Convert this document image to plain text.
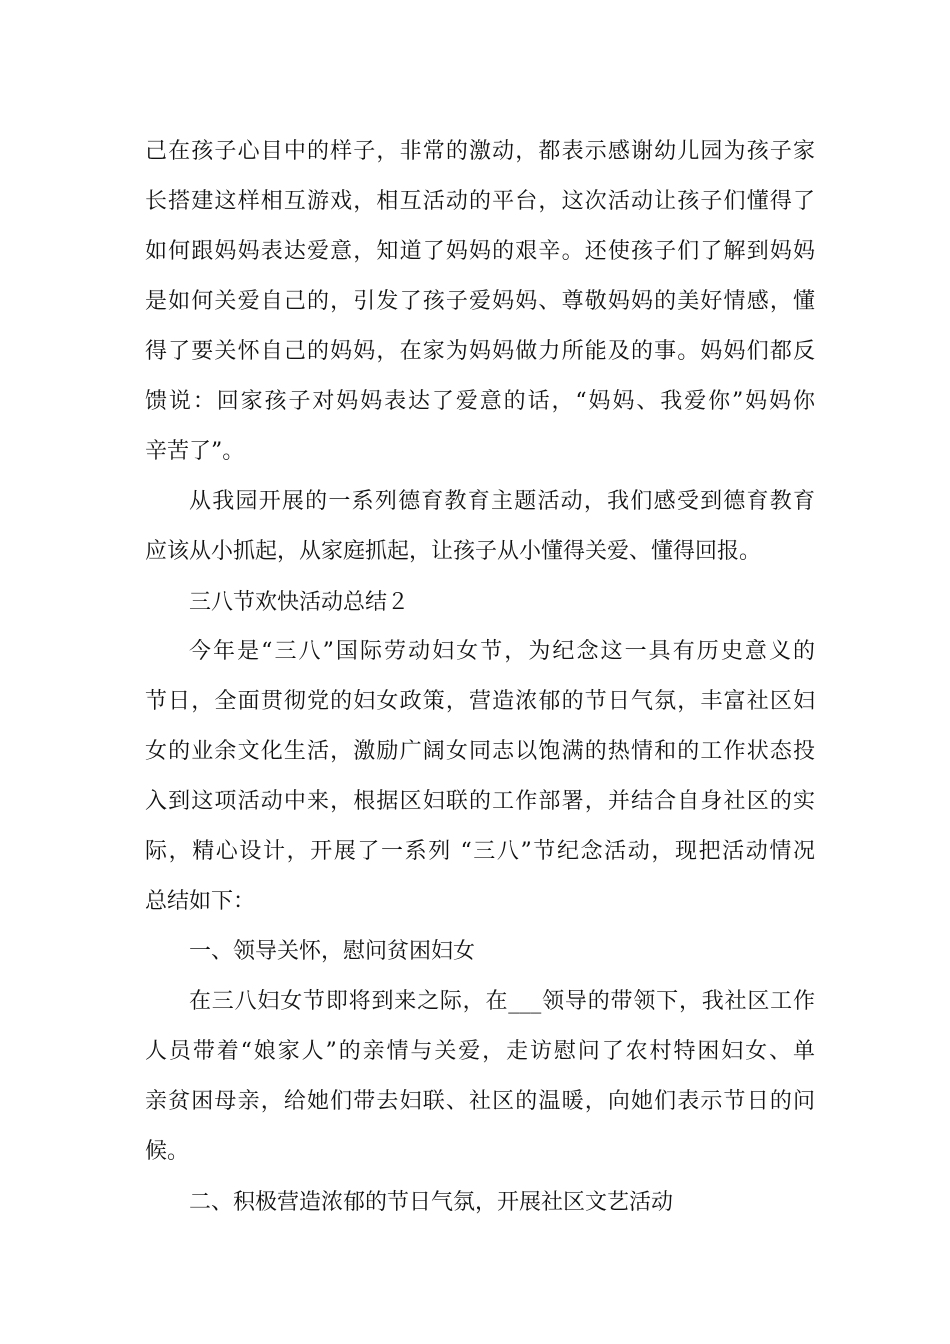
己在孩子心目中的样子，非常的激动，都表示感谢幼儿园为孩子家
长搭建这样相互游戏，相互活动的平台，这次活动让孩子们懂得了
如何跟妈妈表达爱意，知道了妈妈的艰辛。还使孩子们了解到妈妈
是如何关爱自己的，引发了孩子爱妈妈、尊敬妈妈的美好情感，懂
得了要关怀自己的妈妈，在家为妈妈做力所能及的事。妈妈们都反
馈说：回家孩子对妈妈表达了爱意的话，“妈妈、我爱你”妈妈你
辛苦了”。
从我园开展的一系列德育教育主题活动，我们感受到德育教育
应该从小抓起，从家庭抓起，让孩子从小懂得关爱、懂得回报。
三八节欢快活动总结２
今年是“三八”国际劳动妇女节，为纪念这一具有历史意义的
节日，全面贯彻党的妇女政策，营造浓郁的节日气氛，丰富社区妇
女的业余文化生活，激励广阔女同志以饱满的热情和的工作状态投
入到这项活动中来，根据区妇联的工作部署，并结合自身社区的实
际，精心设计，开展了一系列 “三八”节纪念活动，现把活动情况
总结如下：
一、领导关怀，慰问贫困妇女
在三八妇女节即将到来之际，在___领导的带领下，我社区工作
人员带着“娘家人”的亲情与关爱，走访慰问了农村特困妇女、单
亲贫困母亲，给她们带去妇联、社区的温暖，向她们表示节日的问
候。
二、积极营造浓郁的节日气氛，开展社区文艺活动
